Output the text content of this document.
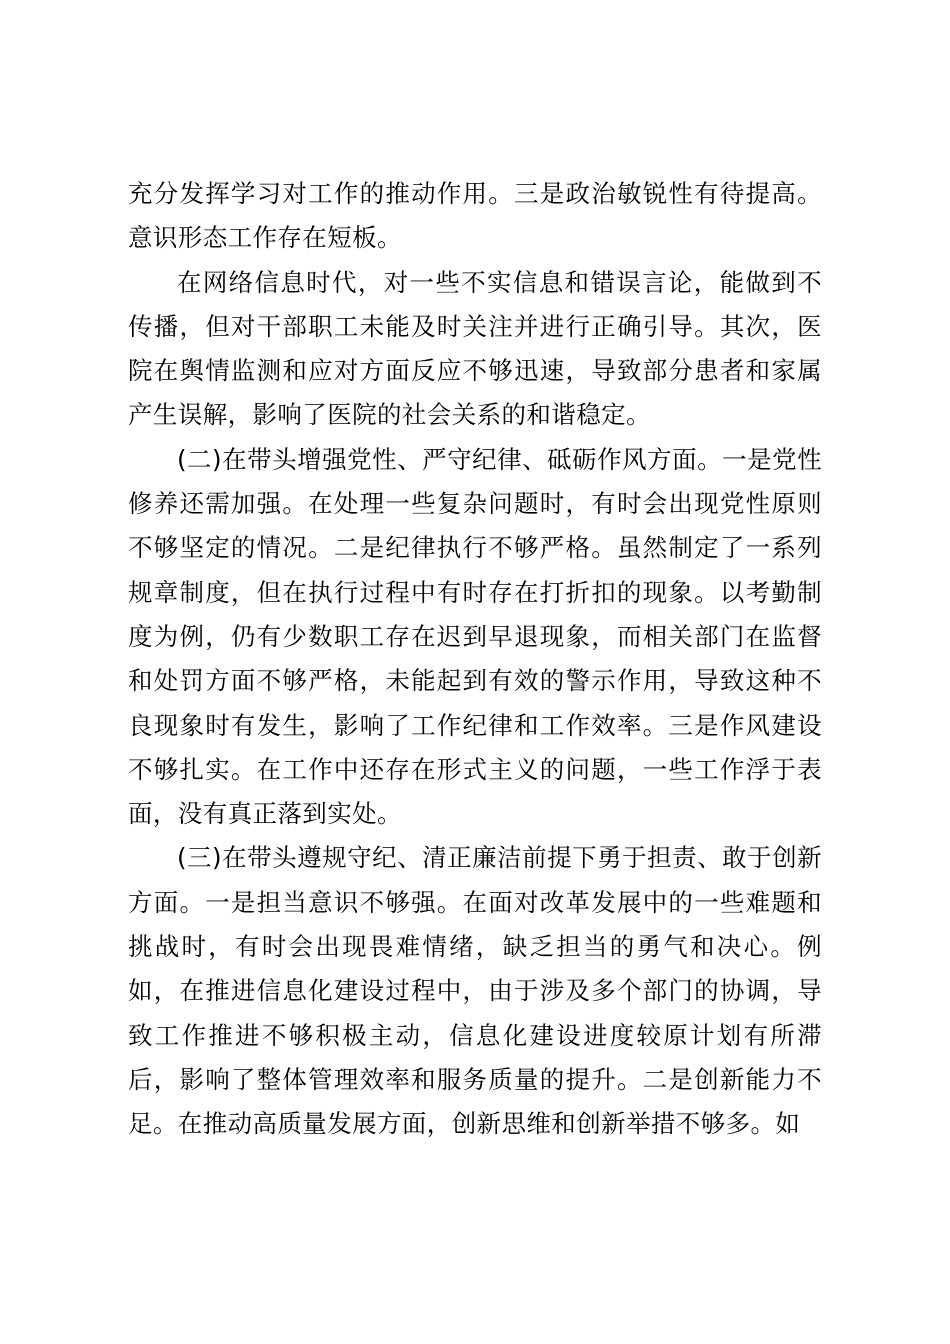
充分发挥学习对工作的推动作用。三是政治敏锐性有待提高。意识形态工作存在短板。

在网络信息时代，对一些不实信息和错误言论，能做到不传播，但对干部职工未能及时关注并进行正确引导。其次，医院在舆情监测和应对方面反应不够迅速，导致部分患者和家属产生误解，影响了医院的社会关系的和谐稳定。

(二)在带头增强党性、严守纪律、砥砺作风方面。一是党性修养还需加强。在处理一些复杂问题时，有时会出现党性原则不够坚定的情况。二是纪律执行不够严格。虽然制定了一系列规章制度，但在执行过程中有时存在打折扣的现象。以考勤制度为例，仍有少数职工存在迟到早退现象，而相关部门在监督和处罚方面不够严格，未能起到有效的警示作用，导致这种不良现象时有发生，影响了工作纪律和工作效率。三是作风建设不够扎实。在工作中还存在形式主义的问题，一些工作浮于表面，没有真正落到实处。

(三)在带头遵规守纪、清正廉洁前提下勇于担责、敢于创新方面。一是担当意识不够强。在面对改革发展中的一些难题和挑战时，有时会出现畏难情绪，缺乏担当的勇气和决心。例如，在推进信息化建设过程中，由于涉及多个部门的协调，导致工作推进不够积极主动，信息化建设进度较原计划有所滞后，影响了整体管理效率和服务质量的提升。二是创新能力不足。在推动高质量发展方面，创新思维和创新举措不够多。如
